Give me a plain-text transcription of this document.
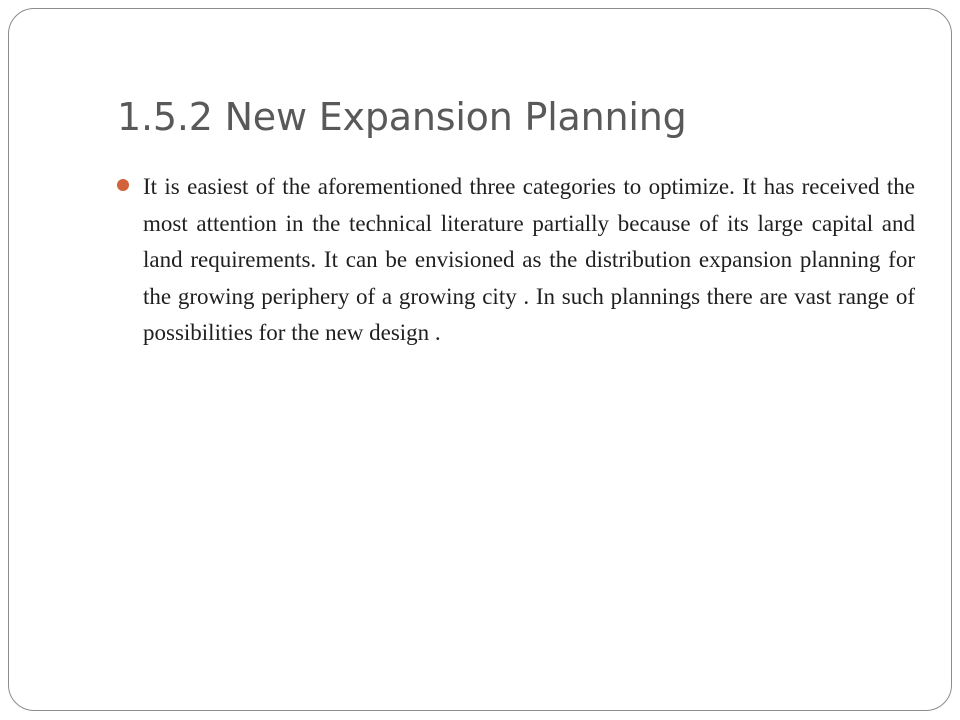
1.5.2 New Expansion Planning
It is easiest of the aforementioned three categories to optimize. It has received the most attention in the technical literature partially because of its large capital and land requirements. It can be envisioned as the distribution expansion planning for the growing periphery of a growing city . In such plannings there are vast range of possibilities for the new design .
